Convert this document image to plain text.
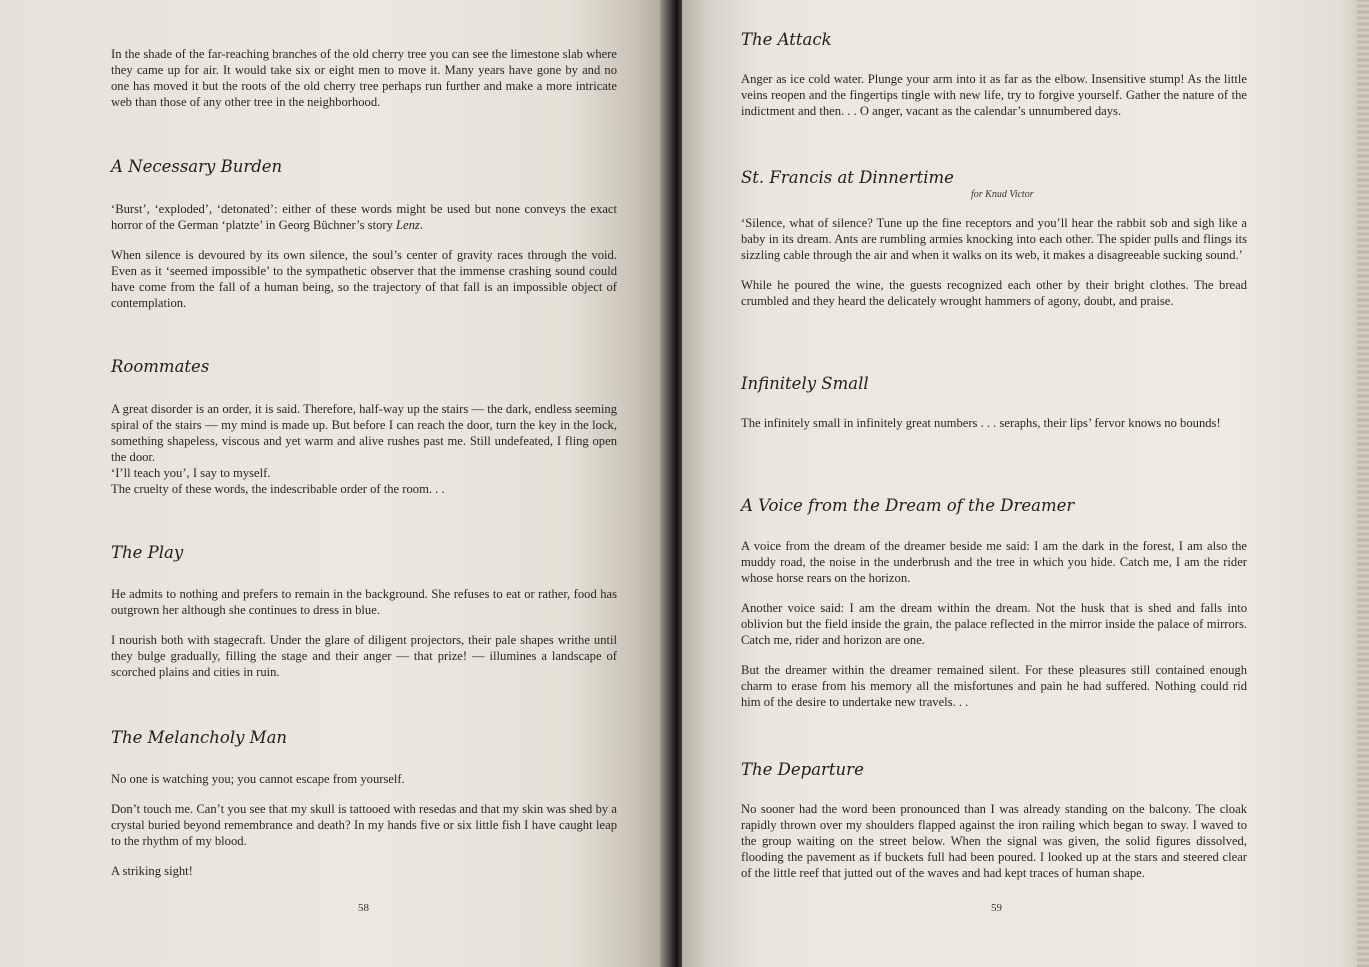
In the shade of the far-reaching branches of the old cherry tree you can see the limestone slab where they came up for air. It would take six or eight men to move it. Many years have gone by and no one has moved it but the roots of the old cherry tree perhaps run further and make a more intricate web than those of any other tree in the neighborhood.

A Necessary Burden

‘Burst’, ‘exploded’, ‘detonated’: either of these words might be used but none conveys the exact horror of the German ‘platzte’ in Georg Büchner’s story Lenz.

When silence is devoured by its own silence, the soul’s center of gravity races through the void. Even as it ‘seemed impossible’ to the sympathetic observer that the immense crashing sound could have come from the fall of a human being, so the trajectory of that fall is an impossible object of contemplation.

Roommates

A great disorder is an order, it is said. Therefore, half-way up the stairs — the dark, endless seeming spiral of the stairs — my mind is made up. But before I can reach the door, turn the key in the lock, something shapeless, viscous and yet warm and alive rushes past me. Still undefeated, I fling open the door.

‘I’ll teach you’, I say to myself.

The cruelty of these words, the indescribable order of the room. . .

The Play

He admits to nothing and prefers to remain in the background. She refuses to eat or rather, food has outgrown her although she continues to dress in blue.

I nourish both with stagecraft. Under the glare of diligent projectors, their pale shapes writhe until they bulge gradually, filling the stage and their anger — that prize! — illumines a landscape of scorched plains and cities in ruin.

The Melancholy Man

No one is watching you; you cannot escape from yourself.

Don’t touch me. Can’t you see that my skull is tattooed with resedas and that my skin was shed by a crystal buried beyond remembrance and death? In my hands five or six little fish I have caught leap to the rhythm of my blood.

A striking sight!

58
The Attack

Anger as ice cold water. Plunge your arm into it as far as the elbow. Insensitive stump! As the little veins reopen and the fingertips tingle with new life, try to forgive yourself. Gather the nature of the indictment and then. . . O anger, vacant as the calendar’s unnumbered days.

St. Francis at Dinnertime
for Knud Victor

‘Silence, what of silence? Tune up the fine receptors and you’ll hear the rabbit sob and sigh like a baby in its dream. Ants are rumbling armies knocking into each other. The spider pulls and flings its sizzling cable through the air and when it walks on its web, it makes a disagreeable sucking sound.’

While he poured the wine, the guests recognized each other by their bright clothes. The bread crumbled and they heard the delicately wrought hammers of agony, doubt, and praise.

Infinitely Small

The infinitely small in infinitely great numbers . . . seraphs, their lips’ fervor knows no bounds!

A Voice from the Dream of the Dreamer

A voice from the dream of the dreamer beside me said: I am the dark in the forest, I am also the muddy road, the noise in the underbrush and the tree in which you hide. Catch me, I am the rider whose horse rears on the horizon.

Another voice said: I am the dream within the dream. Not the husk that is shed and falls into oblivion but the field inside the grain, the palace reflected in the mirror inside the palace of mirrors. Catch me, rider and horizon are one.

But the dreamer within the dreamer remained silent. For these pleasures still contained enough charm to erase from his memory all the misfortunes and pain he had suffered. Nothing could rid him of the desire to undertake new travels. . .

The Departure

No sooner had the word been pronounced than I was already standing on the balcony. The cloak rapidly thrown over my shoulders flapped against the iron railing which began to sway. I waved to the group waiting on the street below. When the signal was given, the solid figures dissolved, flooding the pavement as if buckets full had been poured. I looked up at the stars and steered clear of the little reef that jutted out of the waves and had kept traces of human shape.

59
